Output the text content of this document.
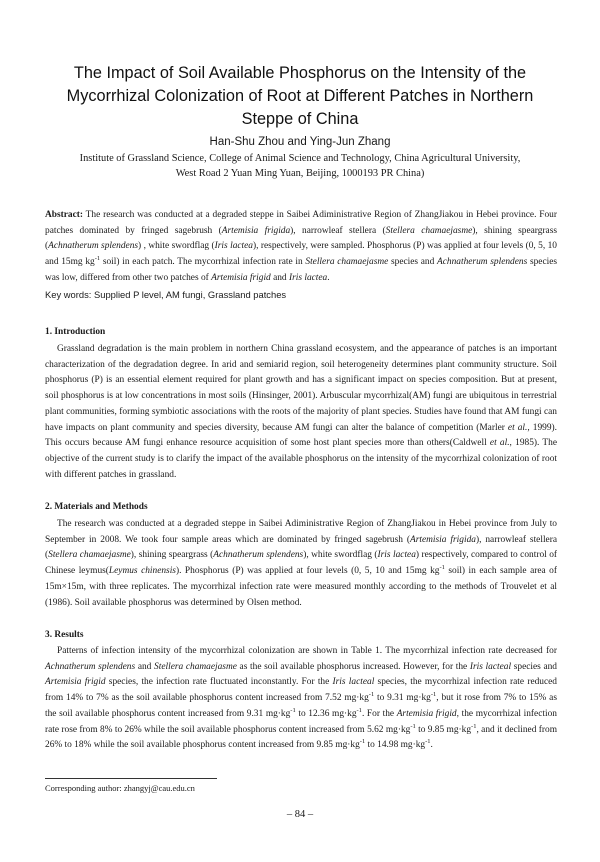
The Impact of Soil Available Phosphorus on the Intensity of the Mycorrhizal Colonization of Root at Different Patches in Northern Steppe of China
Han-Shu Zhou and Ying-Jun Zhang
Institute of Grassland Science, College of Animal Science and Technology, China Agricultural University,
West Road 2 Yuan Ming Yuan, Beijing, 1000193 PR China)
Abstract: The research was conducted at a degraded steppe in Saibei Adiministrative Region of ZhangJiakou in Hebei province. Four patches dominated by fringed sagebrush (Artemisia frigida), narrowleaf stellera (Stellera chamaejasme), shining speargrass (Achnatherum splendens) , white swordflag (Iris lactea), respectively, were sampled. Phosphorus (P) was applied at four levels (0, 5, 10 and 15mg $kg^{-1}$ soil) in each patch. The mycorrhizal infection rate in Stellera chamaejasme species and Achnatherum splendens species was low, differed from other two patches of Artemisia frigid and Iris lactea.
Key words: Supplied P level, AM fungi, Grassland patches
1. Introduction
Grassland degradation is the main problem in northern China grassland ecosystem, and the appearance of patches is an important characterization of the degradation degree. In arid and semiarid region, soil heterogeneity determines plant community structure. Soil phosphorus (P) is an essential element required for plant growth and has a significant impact on species composition. But at present, soil phosphorus is at low concentrations in most soils (Hinsinger, 2001). Arbuscular mycorrhizal(AM) fungi are ubiquitous in terrestrial plant communities, forming symbiotic associations with the roots of the majority of plant species. Studies have found that AM fungi can have impacts on plant community and species diversity, because AM fungi can alter the balance of competition (Marler et al., 1999). This occurs because AM fungi enhance resource acquisition of some host plant species more than others(Caldwell et al., 1985). The objective of the current study is to clarify the impact of the available phosphorus on the intensity of the mycorrhizal colonization of root with different patches in grassland.
2. Materials and Methods
The research was conducted at a degraded steppe in Saibei Adiministrative Region of ZhangJiakou in Hebei province from July to September in 2008. We took four sample areas which are dominated by fringed sagebrush (Artemisia frigida), narrowleaf stellera (Stellera chamaejasme), shining speargrass (Achnatherum splendens), white swordflag (Iris lactea) respectively, compared to control of Chinese leymus(Leymus chinensis). Phosphorus (P) was applied at four levels (0, 5, 10 and 15mg $kg^{-1}$ soil) in each sample area of 15m×15m, with three replicates. The mycorrhizal infection rate were measured monthly according to the methods of Trouvelet et al (1986). Soil available phosphorus was determined by Olsen method.
3. Results
Patterns of infection intensity of the mycorrhizal colonization are shown in Table 1. The mycorrhizal infection rate decreased for Achnatherum splendens and Stellera chamaejasme as the soil available phosphorus increased. However, for the Iris lacteal species and Artemisia frigid species, the infection rate fluctuated inconstantly. For the Iris lacteal species, the mycorrhizal infection rate reduced from 14% to 7% as the soil available phosphorus content increased from 7.52 $mg\cdot kg^{-1}$ to 9.31 $mg\cdot kg^{-1}$, but it rose from 7% to 15% as the soil available phosphorus content increased from 9.31 $mg\cdot kg^{-1}$ to 12.36 $mg\cdot kg^{-1}$. For the Artemisia frigid, the mycorrhizal infection rate rose from 8% to 26% while the soil available phosphorus content increased from 5.62 $mg\cdot kg^{-1}$ to 9.85 $mg\cdot kg^{-1}$, and it declined from 26% to 18% while the soil available phosphorus content increased from 9.85 $mg\cdot kg^{-1}$ to 14.98 $mg\cdot kg^{-1}$.
Corresponding author: zhangyj@cau.edu.cn
– 84 –
